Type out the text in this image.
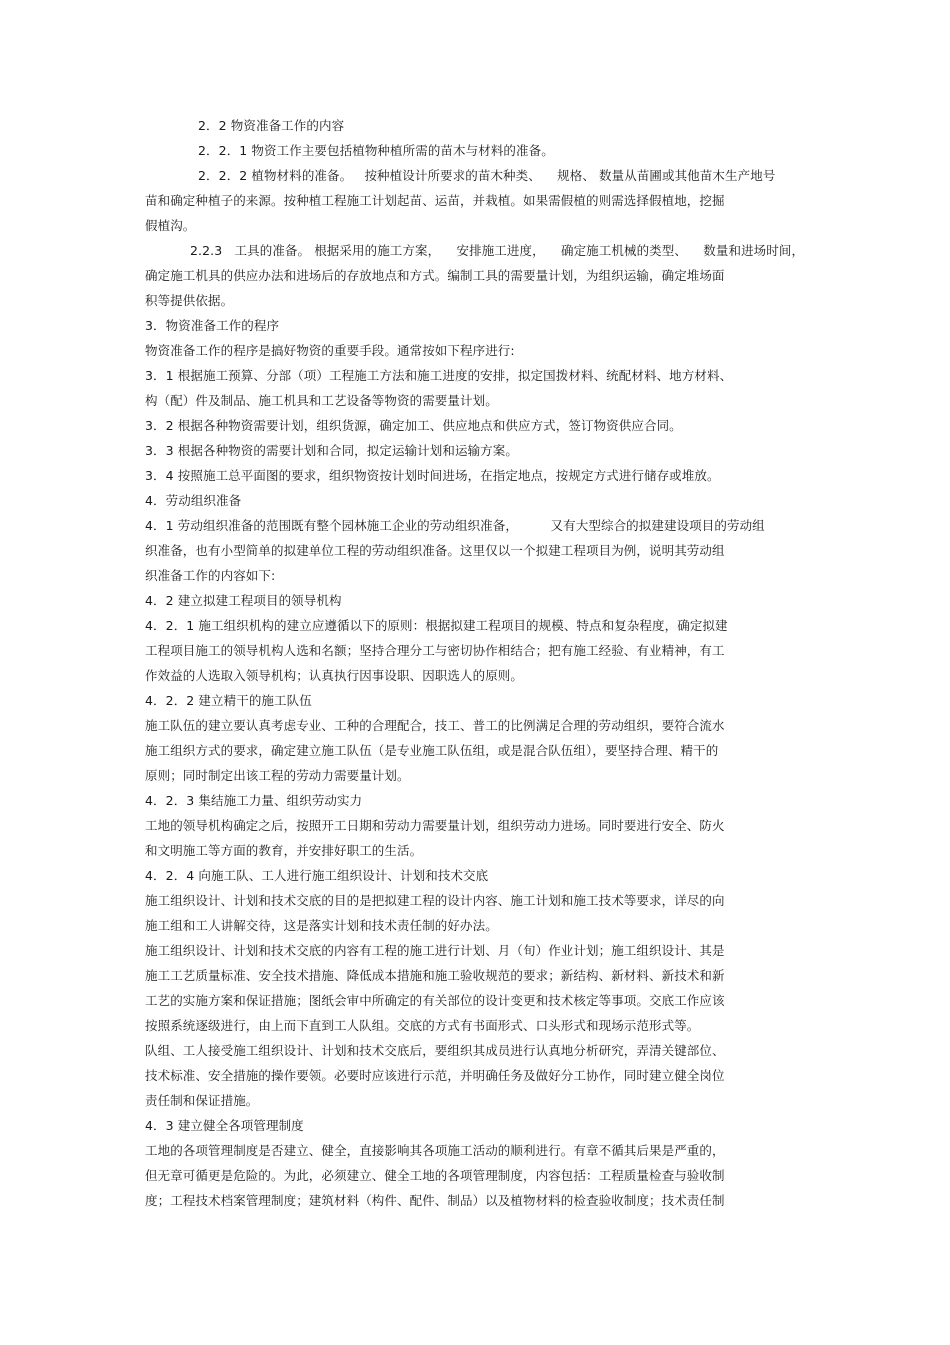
2．2 物资准备工作的内容
2．2．1 物资工作主要包括植物种植所需的苗木与材料的准备。
2．2．2 植物材料的准备。   按种植设计所要求的苗木种类、    规格、 数量从苗圃或其他苗木生产地号
苗和确定种植子的来源。按种植工程施工计划起苗、运苗，并栽植。如果需假植的则需选择假植地，挖掘
假植沟。
2.2.3   工具的准备。 根据采用的施工方案，    安排施工进度，    确定施工机械的类型、    数量和进场时间，
确定施工机具的供应办法和进场后的存放地点和方式。编制工具的需要量计划，为组织运输，确定堆场面
积等提供依据。
3．物资准备工作的程序
物资准备工作的程序是搞好物资的重要手段。通常按如下程序进行:
3．1 根据施工预算、分部（项）工程施工方法和施工进度的安排，拟定国拨材料、统配材料、地方材料、
构（配）件及制品、施工机具和工艺设备等物资的需要量计划。
3．2 根据各种物资需要计划，组织货源，确定加工、供应地点和供应方式，签订物资供应合同。
3．3 根据各种物资的需要计划和合同，拟定运输计划和运输方案。
3．4 按照施工总平面图的要求，组织物资按计划时间进场，在指定地点，按规定方式进行储存或堆放。
4．劳动组织准备
4．1 劳动组织准备的范围既有整个园林施工企业的劳动组织准备，        又有大型综合的拟建建设项目的劳动组
织准备，也有小型简单的拟建单位工程的劳动组织准备。这里仅以一个拟建工程项目为例，说明其劳动组
织准备工作的内容如下:
4．2 建立拟建工程项目的领导机构
4．2．1 施工组织机构的建立应遵循以下的原则：根据拟建工程项目的规模、特点和复杂程度，确定拟建
工程项目施工的领导机构人选和名额；坚持合理分工与密切协作相结合；把有施工经验、有业精神，有工
作效益的人选取入领导机构；认真执行因事设职、因职选人的原则。
4．2．2 建立精干的施工队伍
施工队伍的建立要认真考虑专业、工种的合理配合，技工、普工的比例满足合理的劳动组织，要符合流水
施工组织方式的要求，确定建立施工队伍（是专业施工队伍组，或是混合队伍组），要坚持合理、精干的
原则；同时制定出该工程的劳动力需要量计划。
4．2．3 集结施工力量、组织劳动实力
工地的领导机构确定之后，按照开工日期和劳动力需要量计划，组织劳动力进场。同时要进行安全、防火
和文明施工等方面的教育，并安排好职工的生活。
4．2．4 向施工队、工人进行施工组织设计、计划和技术交底
施工组织设计、计划和技术交底的目的是把拟建工程的设计内容、施工计划和施工技术等要求，详尽的向
施工组和工人讲解交待，这是落实计划和技术责任制的好办法。
施工组织设计、计划和技术交底的内容有工程的施工进行计划、月（旬）作业计划；施工组织设计、其是
施工工艺质量标准、安全技术措施、降低成本措施和施工验收规范的要求；新结构、新材料、新技术和新
工艺的实施方案和保证措施；图纸会审中所确定的有关部位的设计变更和技术核定等事项。交底工作应该
按照系统逐级进行，由上而下直到工人队组。交底的方式有书面形式、口头形式和现场示范形式等。
队组、工人接受施工组织设计、计划和技术交底后，要组织其成员进行认真地分析研究，弄清关键部位、
技术标准、安全措施的操作要领。必要时应该进行示范，并明确任务及做好分工协作，同时建立健全岗位
责任制和保证措施。
4．3 建立健全各项管理制度
工地的各项管理制度是否建立、健全，直接影响其各项施工活动的顺利进行。有章不循其后果是严重的，
但无章可循更是危险的。为此，必须建立、健全工地的各项管理制度，内容包括：工程质量检查与验收制
度；工程技术档案管理制度；建筑材料（构件、配件、制品）以及植物材料的检查验收制度；技术责任制
